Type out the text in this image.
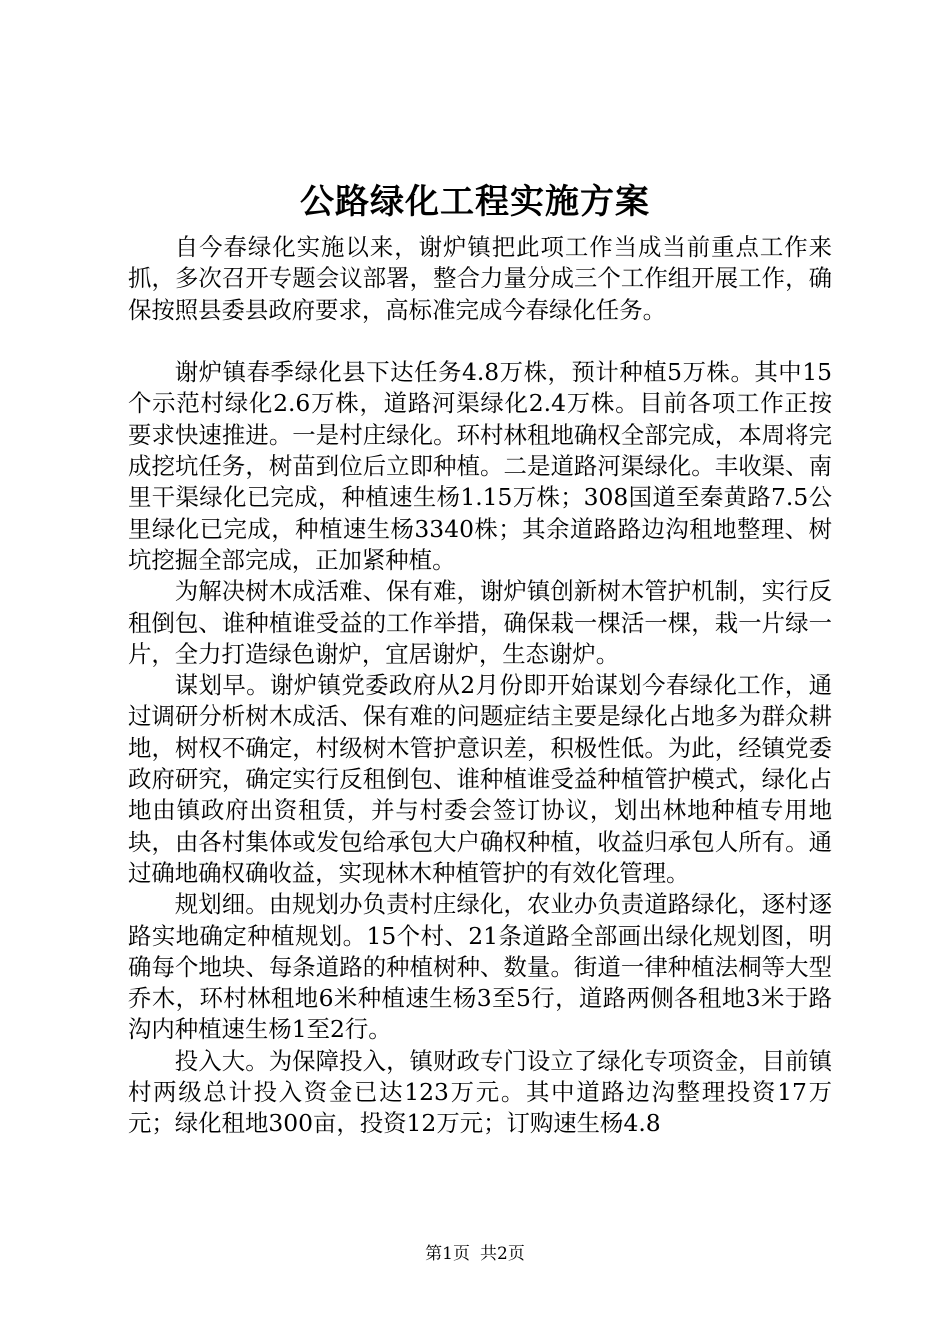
公路绿化工程实施方案

自今春绿化实施以来，谢炉镇把此项工作当成当前重点工作来抓，多次召开专题会议部署，整合力量分成三个工作组开展工作，确保按照县委县政府要求，高标准完成今春绿化任务。

谢炉镇春季绿化县下达任务4.8万株，预计种植5万株。其中15个示范村绿化2.6万株，道路河渠绿化2.4万株。目前各项工作正按要求快速推进。一是村庄绿化。环村林租地确权全部完成，本周将完成挖坑任务，树苗到位后立即种植。二是道路河渠绿化。丰收渠、南里干渠绿化已完成，种植速生杨1.15万株；308国道至秦黄路7.5公里绿化已完成，种植速生杨3340株；其余道路路边沟租地整理、树坑挖掘全部完成，正加紧种植。

为解决树木成活难、保有难，谢炉镇创新树木管护机制，实行反租倒包、谁种植谁受益的工作举措，确保栽一棵活一棵，栽一片绿一片，全力打造绿色谢炉，宜居谢炉，生态谢炉。

谋划早。谢炉镇党委政府从2月份即开始谋划今春绿化工作，通过调研分析树木成活、保有难的问题症结主要是绿化占地多为群众耕地，树权不确定，村级树木管护意识差，积极性低。为此，经镇党委政府研究，确定实行反租倒包、谁种植谁受益种植管护模式，绿化占地由镇政府出资租赁，并与村委会签订协议，划出林地种植专用地块，由各村集体或发包给承包大户确权种植，收益归承包人所有。通过确地确权确收益，实现林木种植管护的有效化管理。

规划细。由规划办负责村庄绿化，农业办负责道路绿化，逐村逐路实地确定种植规划。15个村、21条道路全部画出绿化规划图，明确每个地块、每条道路的种植树种、数量。街道一律种植法桐等大型乔木，环村林租地6米种植速生杨3至5行，道路两侧各租地3米于路沟内种植速生杨1至2行。

投入大。为保障投入，镇财政专门设立了绿化专项资金，目前镇村两级总计投入资金已达123万元。其中道路边沟整理投资17万元；绿化租地300亩，投资12万元；订购速生杨4.8

第1页 共2页
